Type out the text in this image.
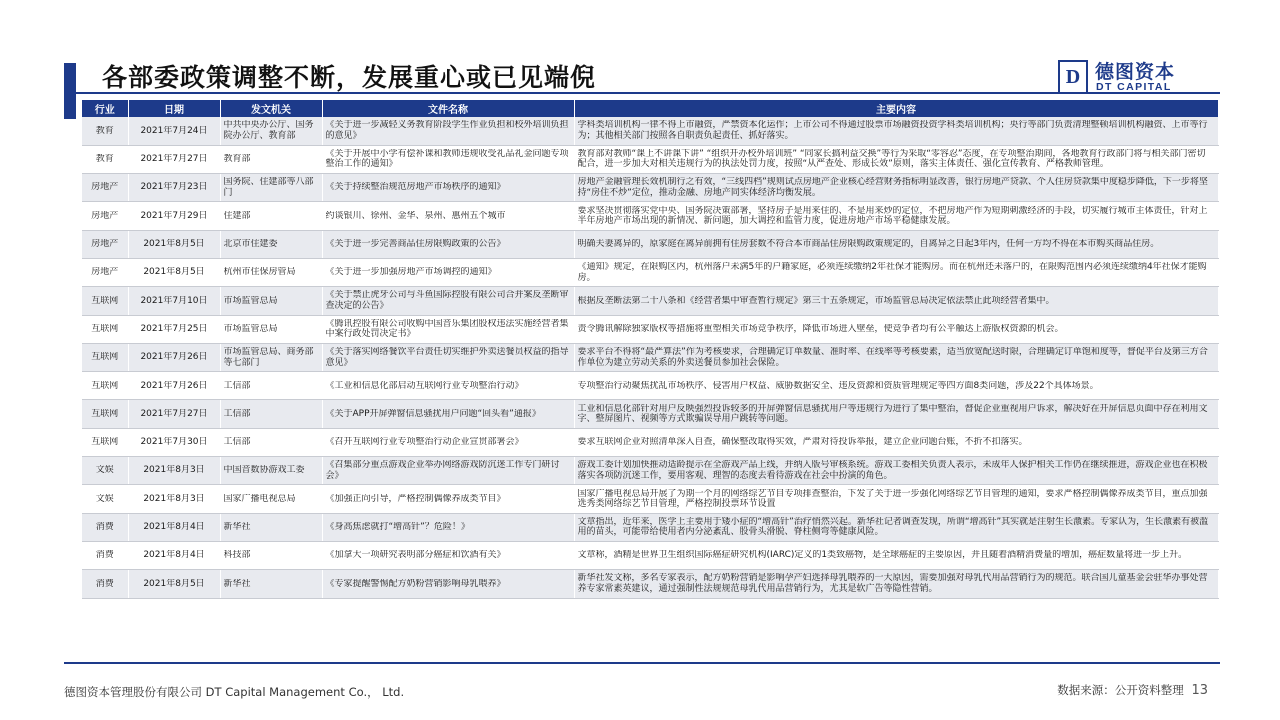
各部委政策调整不断，发展重心或已见端倪	D 德图资本
DT CAPITAL
行业	日期	发文机关	文件名称	主要内容

教育	2021年7月24日	中共中央办公厅、国务院办公厅、教育部	《关于进一步减轻义务教育阶段学生作业负担和校外培训负担的意见》	学科类培训机构一律不得上市融资，严禁资本化运作；上市公司不得通过股票市场融资投资学科类培训机构；央行等部门负责清理整顿培训机构融资、上市等行为；其他相关部门按照各自职责负起责任、抓好落实。

教育	2021年7月27日	教育部	《关于开展中小学有偿补课和教师违规收受礼品礼金问题专项整治工作的通知》	教育部对教师“课上不讲课下讲” “组织开办校外培训班” “同家长搞利益交换”等行为采取“零容忍”态度，在专项整治期间，各地教育行政部门将与相关部门密切配合，进一步加大对相关违规行为的执法处罚力度，按照“从严查处、形成长效”原则，落实主体责任、强化宣传教育、严格教师管理。

房地产	2021年7月23日	国务院、住建部等八部门	《关于持续整治规范房地产市场秩序的通知》	房地产金融管理长效机制行之有效，“三线四档”规则试点房地产企业核心经营财务指标明显改善，银行房地产贷款、个人住房贷款集中度稳步降低，下一步将坚持“房住不炒”定位，推动金融、房地产同实体经济均衡发展。

房地产	2021年7月29日	住建部	约谈银川、徐州、金华、泉州、惠州五个城市	要求坚决贯彻落实党中央、国务院决策部署，坚持房子是用来住的、不是用来炒的定位，不把房地产作为短期刺激经济的手段，切实履行城市主体责任，针对上半年房地产市场出现的新情况、新问题，加大调控和监管力度，促进房地产市场平稳健康发展。

房地产	2021年8月5日	北京市住建委	《关于进一步完善商品住房限购政策的公告》	明确夫妻离异的，原家庭在离异前拥有住房套数不符合本市商品住房限购政策规定的，自离异之日起3年内，任何一方均不得在本市购买商品住房。

房地产	2021年8月5日	杭州市住保房管局	《关于进一步加强房地产市场调控的通知》	《通知》规定，在限购区内，杭州落户未满5年的户籍家庭，必须连续缴纳2年社保才能购房。而在杭州还未落户的，在限购范围内必须连续缴纳4年社保才能购房。

互联网	2021年7月10日	市场监管总局	《关于禁止虎牙公司与斗鱼国际控股有限公司合并案反垄断审查决定的公告》	根据反垄断法第二十八条和《经营者集中审查暂行规定》第三十五条规定，市场监管总局决定依法禁止此项经营者集中。

互联网	2021年7月25日	市场监管总局	《腾讯控股有限公司收购中国音乐集团股权违法实施经营者集中案行政处罚决定书》	责令腾讯解除独家版权等措施将重塑相关市场竞争秩序，降低市场进入壁垒，使竞争者均有公平触达上游版权资源的机会。

互联网	2021年7月26日	市场监管总局、商务部等七部门	《关于落实网络餐饮平台责任切实维护外卖送餐员权益的指导意见》	要求平台不得将“最严算法”作为考核要求，合理确定订单数量、准时率、在线率等考核要素，适当放宽配送时限，合理确定订单饱和度等，督促平台及第三方合作单位为建立劳动关系的外卖送餐员参加社会保险。

互联网	2021年7月26日	工信部	《工业和信息化部启动互联网行业专项整治行动》	专项整治行动聚焦扰乱市场秩序、侵害用户权益、威胁数据安全、违反资源和资质管理规定等四方面8类问题，涉及22个具体场景。

互联网	2021年7月27日	工信部	《关于APP开屏弹窗信息骚扰用户问题“回头看”通报》	工业和信息化部针对用户反映强烈投诉较多的开屏弹窗信息骚扰用户等违规行为进行了集中整治，督促企业重视用户诉求，解决好在开屏信息页面中存在利用文字、整屏图片、视频等方式欺骗误导用户跳转等问题。

互联网	2021年7月30日	工信部	《召开互联网行业专项整治行动企业宣贯部署会》	要求互联网企业对照清单深入自查，确保整改取得实效，严肃对待投诉举报，建立企业问题台账，不折不扣落实。

文娱	2021年8月3日	中国音数协游戏工委	《召集部分重点游戏企业举办网络游戏防沉迷工作专门研讨会》	游戏工委计划加快推动适龄提示在全游戏产品上线，并纳入版号审核系统。游戏工委相关负责人表示，未成年人保护相关工作仍在继续推进，游戏企业也在积极落实各项防沉迷工作，要用客观、理智的态度去看待游戏在社会中扮演的角色。

文娱	2021年8月3日	国家广播电视总局	《加强正向引导，严格控制偶像养成类节目》	国家广播电视总局开展了为期一个月的网络综艺节目专项排查整治，下发了关于进一步强化网络综艺节目管理的通知，要求严格控制偶像养成类节目，重点加强选秀类网络综艺节目管理，严格控制投票环节设置

消费	2021年8月4日	新华社	《身高焦虑就打“增高针”？危险！》	文章指出，近年来，医学上主要用于矮小症的“增高针”治疗悄然兴起。新华社记者调查发现，所谓“增高针”其实就是注射生长激素。专家认为，生长激素有被滥用的苗头，可能带给使用者内分泌紊乱、股骨头滑脱、脊柱侧弯等健康风险。

消费	2021年8月4日	科技部	《加拿大一项研究表明部分癌症和饮酒有关》	文章称，酒精是世界卫生组织国际癌症研究机构(IARC)定义的1类致癌物，是全球癌症的主要原因，并且随着酒精消费量的增加，癌症数量将进一步上升。

消费	2021年8月5日	新华社	《专家提醒警惕配方奶粉营销影响母乳喂养》	新华社发文称，多名专家表示，配方奶粉营销是影响孕产妇选择母乳喂养的一大原因，需要加强对母乳代用品营销行为的规范。联合国儿童基金会驻华办事处营养专家常素英建议，通过强制性法规规范母乳代用品营销行为，尤其是软广告等隐性营销。
德图资本管理股份有限公司 DT Capital Management Co.， Ltd.	数据来源：公开资料整理 13
